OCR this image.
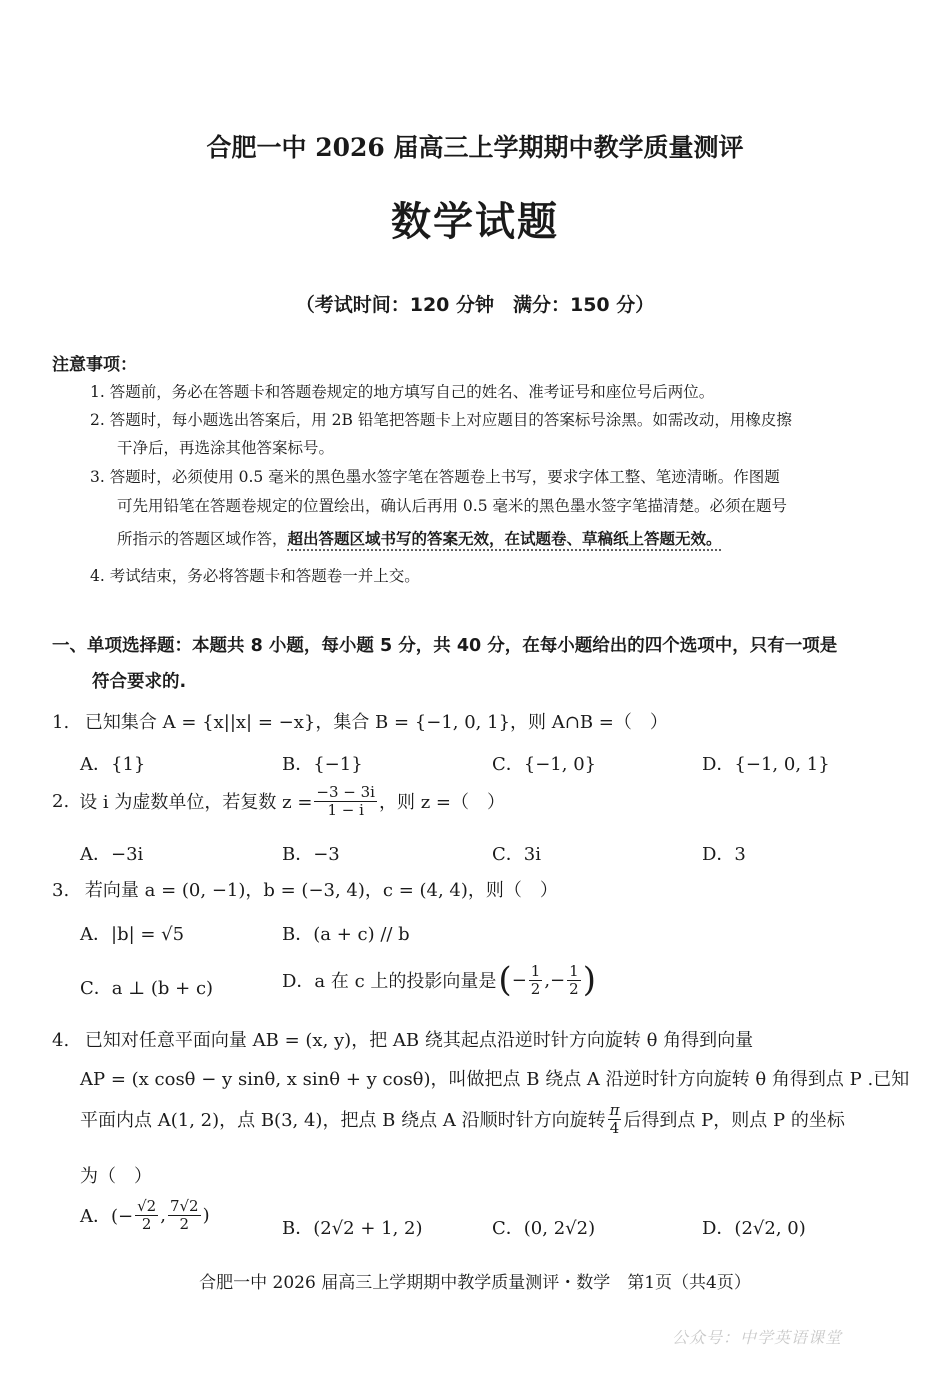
合肥一中 2026 届高三上学期期中教学质量测评
数学试题
（考试时间：120 分钟　满分：150 分）
注意事项：
1. 答题前，务必在答题卡和答题卷规定的地方填写自己的姓名、准考证号和座位号后两位。
2. 答题时，每小题选出答案后，用 2B 铅笔把答题卡上对应题目的答案标号涂黑。如需改动，用橡皮擦
干净后，再选涂其他答案标号。
3. 答题时，必须使用 0.5 毫米的黑色墨水签字笔在答题卷上书写，要求字体工整、笔迹清晰。作图题
可先用铅笔在答题卷规定的位置绘出，确认后再用 0.5 毫米的黑色墨水签字笔描清楚。必须在题号
所指示的答题区域作答，超出答题区域书写的答案无效，在试题卷、草稿纸上答题无效。
4. 考试结束，务必将答题卡和答题卷一并上交。
一、单项选择题：本题共 8 小题，每小题 5 分，共 40 分，在每小题给出的四个选项中，只有一项是
符合要求的.
1. 已知集合 A = {x||x| = −x}，集合 B = {−1, 0, 1}，则 A∩B =（　）
A．{1}	B．{−1}	C．{−1, 0}	D．{−1, 0, 1}
2. 设 i 为虚数单位，若复数 $z = \frac{-3 - 3i}{1 - i}$ ，则 z =（　）
A．−3i	B．−3	C．3i	D．3
3. 若向量 a = (0, −1)，b = (−3, 4)，c = (4, 4)，则（　）
A．|b| = √5	B．(a + c) // b
C．a ⊥ (b + c)	D．a 在 c 上的投影向量是 ( − $\frac{1}{2}$ ,− $\frac{1}{2}$ )
4. 已知对任意平面向量 AB = (x, y)，把 AB 绕其起点沿逆时针方向旋转 θ 角得到向量
AP = (x cosθ − y sinθ, x sinθ + y cosθ)，叫做把点 B 绕点 A 沿逆时针方向旋转 θ 角得到点 P .已知
平面内点 A(1, 2)，点 B(3, 4)，把点 B 绕点 A 沿顺时针方向旋转 $\frac{\pi}{4}$ 后得到点 P，则点 P 的坐标
为（　）
A．(− $\frac{√2}{2}$ , $\frac{7√2}{2}$ )
B．(2√2 + 1, 2)	C．(0, 2√2)	D．(2√2, 0)
合肥一中 2026 届高三上学期期中教学质量测评・数学　第1页（共4页）
公众号：中学英语课堂
